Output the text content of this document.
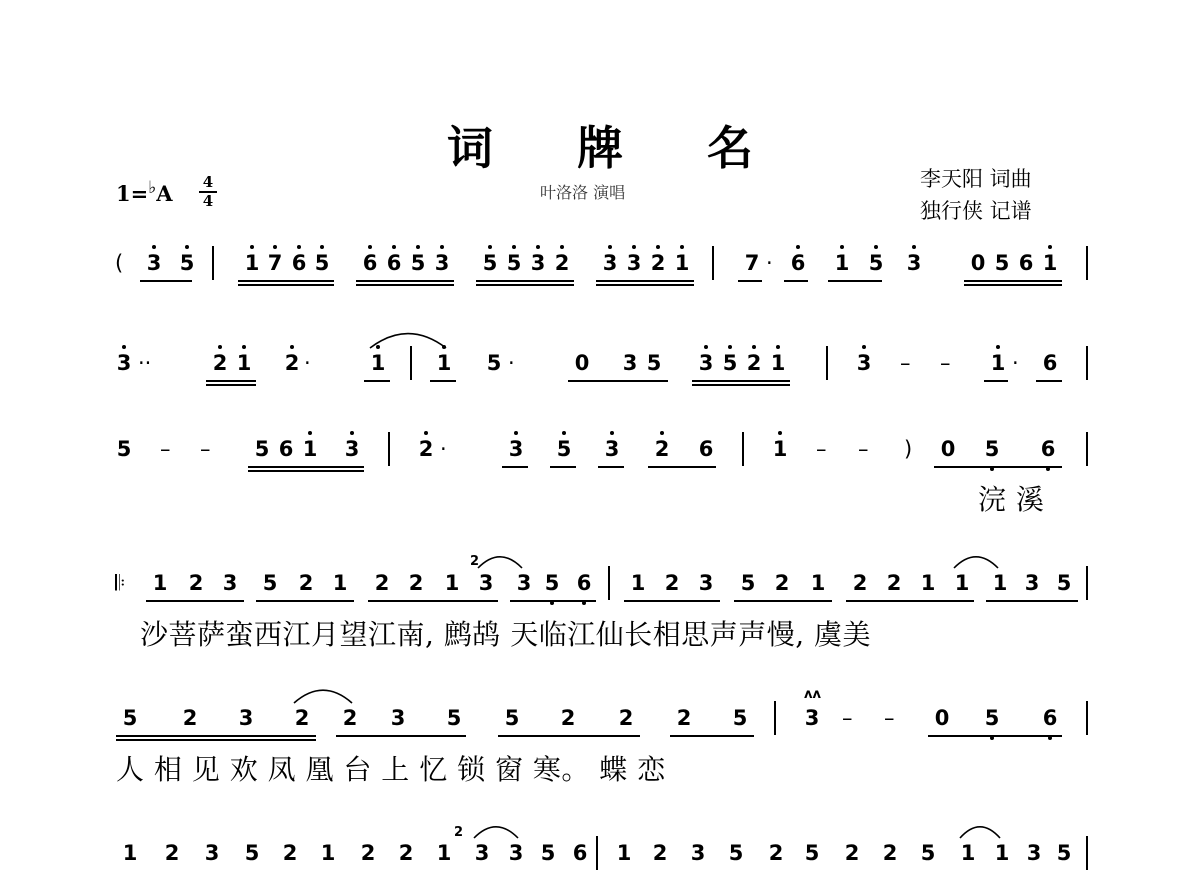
词 牌 名
1=♭A 4
4	叶洛洛 演唱
李天阳 词曲
独行侠 记谱
( 3 5 1 7 6 5 6 6 5 3 5 5 3 2 3 3 2 1	7 · 6 1 5 3 0 5 6 1
3 ··	2 1 2 ·	1 1 5 ·	0 3 5 3 5 2 1	3 – – 1 · 6
5 – – 5 6 1 3	2 ·	3 5 3 2 6	1 – – ) 0 5 6
𝄆 1 2 3 5 2 1 2 2 1 3 3 5 6 1 2 3 5 2 1 2 2 1 1 1 3 5
5 2 3 2 2 3 5 5 2 2 2 5	3 – – 0 5 6
1 2 3 5 2 1 2 2 1 3 3 5 6 1 2 3 5 2 5 2 2 5 1 1 3 5
浣 溪
沙菩萨蛮西江月望江南, 鹧鸪 天临江仙长相思声声慢, 虞美
人 相 见 欢 凤 凰 台 上 忆 锁 窗 寒。 蝶 恋
2
ʌʌ
2
